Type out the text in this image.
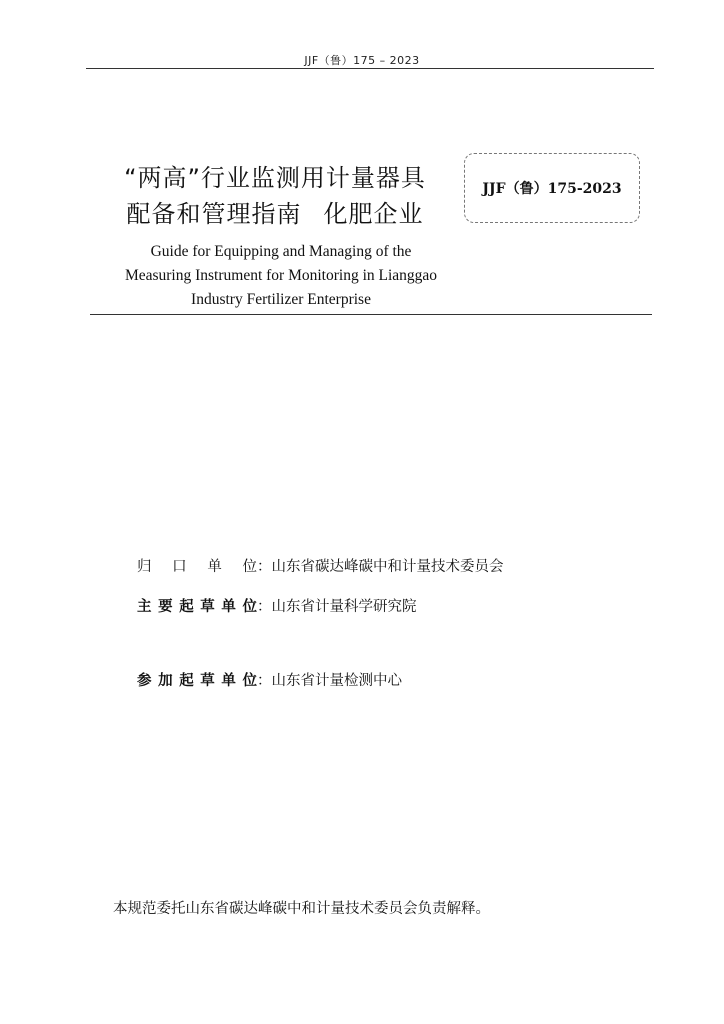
JJF（鲁）175 – 2023
“两高”行业监测用计量器具
配备和管理指南 化肥企业
JJF（鲁）175-2023
Guide for Equipping and Managing of the
Measuring Instrument for Monitoring in Lianggao
Industry Fertilizer Enterprise
归口单位：山东省碳达峰碳中和计量技术委员会
主要起草单位：山东省计量科学研究院
参加起草单位：山东省计量检测中心
本规范委托山东省碳达峰碳中和计量技术委员会负责解释。
